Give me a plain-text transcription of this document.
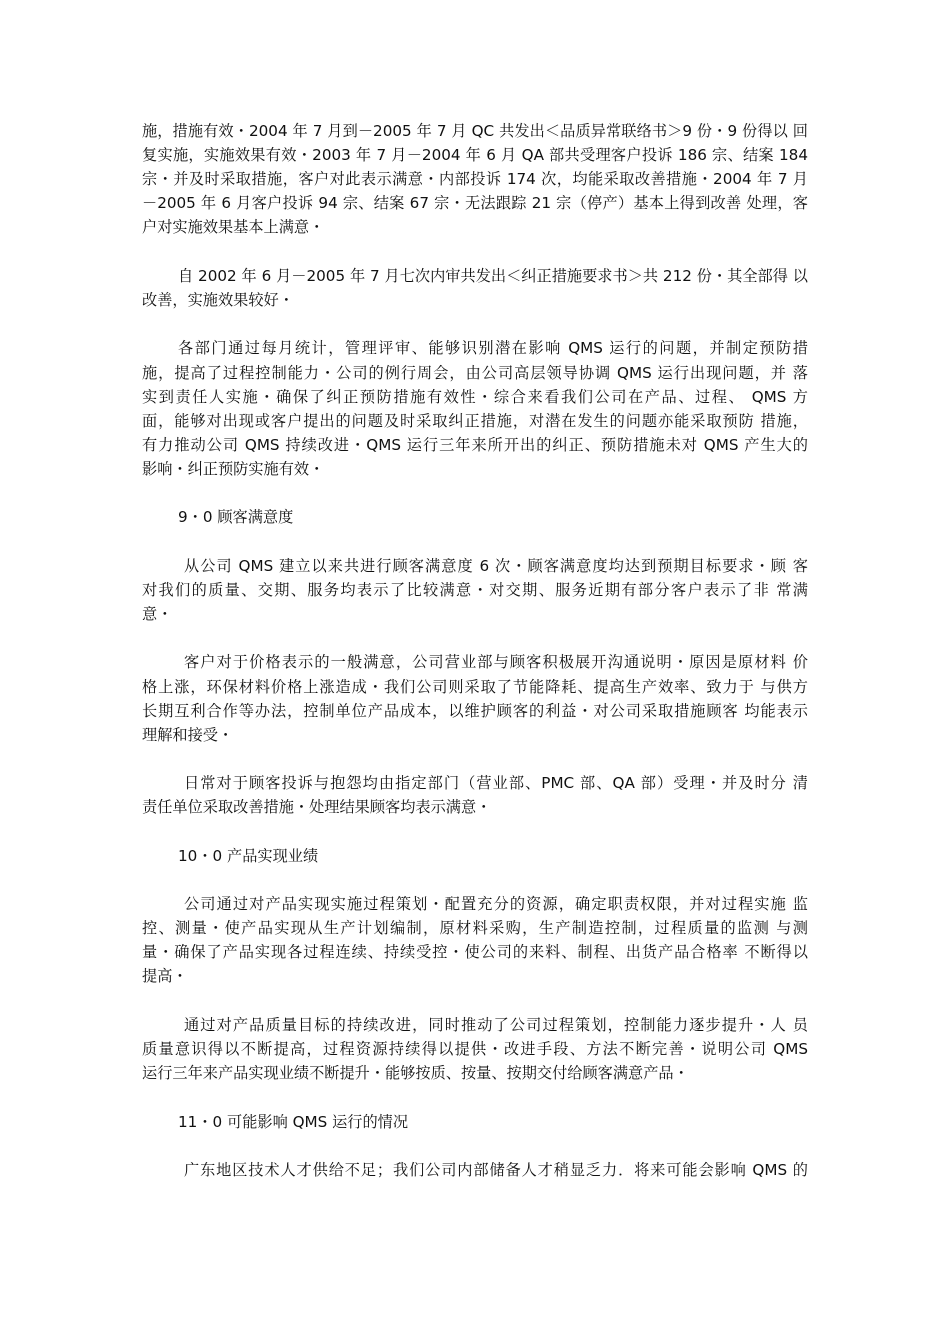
施，措施有效・2004 年 7 月到－2005 年 7 月 QC 共发出＜品质异常联络书＞9 份・9 份得以 回
复实施，实施效果有效・2003 年 7 月－2004 年 6 月 QA 部共受理客户投诉 186 宗、结案 184
宗・并及时采取措施，客户对此表示满意・内部投诉 174 次，均能采取改善措施・2004 年 7 月
－2005 年 6 月客户投诉 94 宗、结案 67 宗・无法跟踪 21 宗（停产）基本上得到改善 处理，客
户对实施效果基本上满意・
自 2002 年 6 月－2005 年 7 月七次内审共发出＜纠正措施要求书＞共 212 份・其全部得 以
改善，实施效果较好・
各部门通过每月统计，管理评审、能够识别潜在影响 QMS 运行的问题，并制定预防措
施，提高了过程控制能力・公司的例行周会，由公司高层领导协调 QMS 运行出现问题，并 落
实到责任人实施・确保了纠正预防措施有效性・综合来看我们公司在产品、过程、 QMS 方
面，能够对出现或客户提出的问题及时采取纠正措施，对潜在发生的问题亦能采取预防 措施，
有力推动公司 QMS 持续改进・QMS 运行三年来所开出的纠正、预防措施未对 QMS 产生大的
影响・纠正预防实施有效・
9・0 顾客满意度
从公司 QMS 建立以来共进行顾客满意度 6 次・顾客满意度均达到预期目标要求・顾 客
对我们的质量、交期、服务均表示了比较满意・对交期、服务近期有部分客户表示了非 常满
意・
客户对于价格表示的一般满意，公司营业部与顾客积极展开沟通说明・原因是原材料 价
格上涨，环保材料价格上涨造成・我们公司则采取了节能降耗、提高生产效率、致力于 与供方
长期互利合作等办法，控制单位产品成本，以维护顾客的利益・对公司采取措施顾客 均能表示
理解和接受・
日常对于顾客投诉与抱怨均由指定部门（营业部、PMC 部、QA 部）受理・并及时分 清
责任单位采取改善措施・处理结果顾客均表示满意・
10・0 产品实现业绩
公司通过对产品实现实施过程策划・配置充分的资源，确定职责权限，并对过程实施 监
控、测量・使产品实现从生产计划编制，原材料采购，生产制造控制，过程质量的监测 与测
量・确保了产品实现各过程连续、持续受控・使公司的来料、制程、出货产品合格率 不断得以
提高・
通过对产品质量目标的持续改进，同时推动了公司过程策划，控制能力逐步提升・人 员
质量意识得以不断提高，过程资源持续得以提供・改进手段、方法不断完善・说明公司 QMS
运行三年来产品实现业绩不断提升・能够按质、按量、按期交付给顾客满意产品・
11・0 可能影响 QMS 运行的情况
广东地区技术人才供给不足；我们公司内部储备人才稍显乏力．将来可能会影响 QMS 的
